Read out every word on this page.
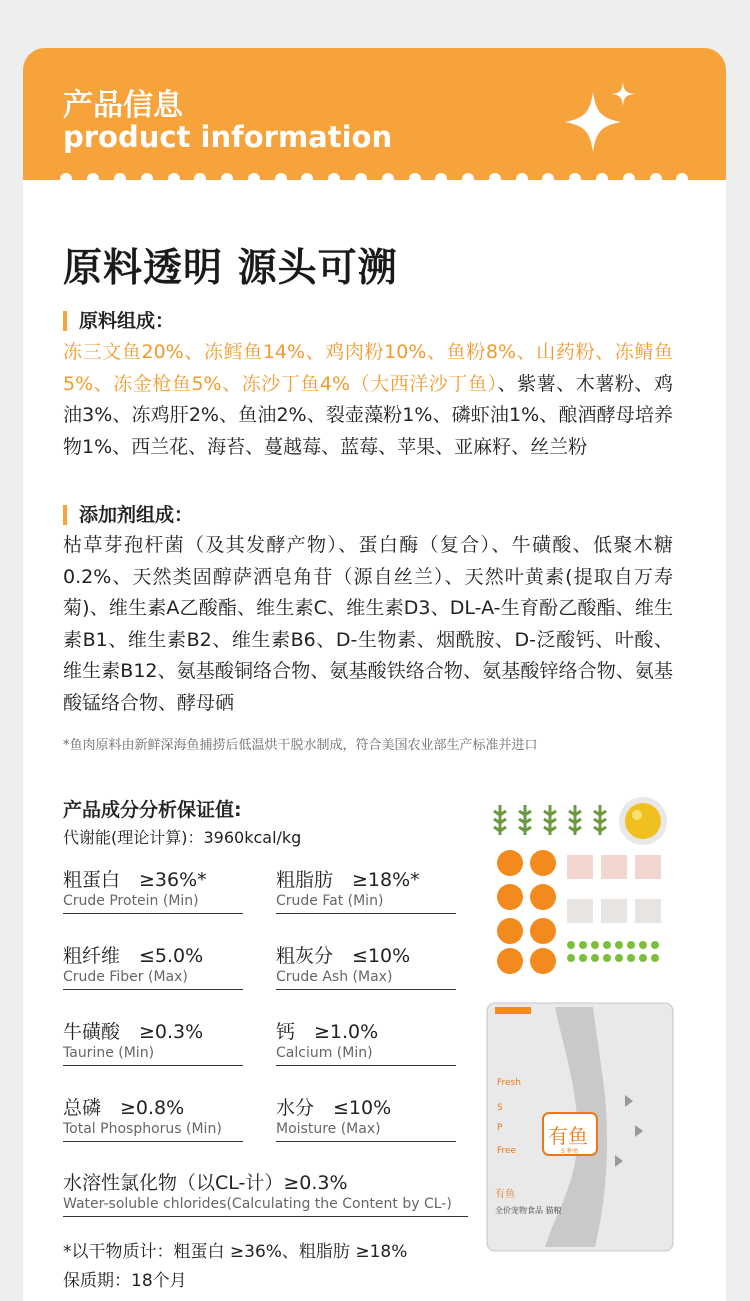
产品信息
product information
原料透明 源头可溯
原料组成：
冻三文鱼20%、冻鳕鱼14%、鸡肉粉10%、鱼粉8%、山药粉、冻鲭鱼5%、冻金枪鱼5%、冻沙丁鱼4%（大西洋沙丁鱼）、紫薯、木薯粉、鸡油3%、冻鸡肝2%、鱼油2%、裂壶藻粉1%、磷虾油1%、酿酒酵母培养物1%、西兰花、海苔、蔓越莓、蓝莓、苹果、亚麻籽、丝兰粉
添加剂组成：
枯草芽孢杆菌（及其发酵产物）、蛋白酶（复合）、牛磺酸、低聚木糖0.2%、天然类固醇萨洒皂角苷（源自丝兰）、天然叶黄素(提取自万寿菊)、维生素A乙酸酯、维生素C、维生素D3、DL-A-生育酚乙酸酯、维生素B1、维生素B2、维生素B6、D-生物素、烟酰胺、D-泛酸钙、叶酸、维生素B12、氨基酸铜络合物、氨基酸铁络合物、氨基酸锌络合物、氨基酸锰络合物、酵母硒
*鱼肉原料由新鲜深海鱼捕捞后低温烘干脱水制成，符合美国农业部生产标准并进口
产品成分分析保证值:
代谢能(理论计算)：3960kcal/kg
粗蛋白　≥36%*
Crude Protein (Min)
粗脂肪　≥18%*
Crude Fat (Min)
粗纤维　≤5.0%
Crude Fiber (Max)
粗灰分　≤10%
Crude Ash (Max)
牛磺酸　≥0.3%
Taurine (Min)
钙　≥1.0%
Calcium (Min)
总磷　≥0.8%
Total Phosphorus (Min)
水分　≤10%
Moisture (Max)
水溶性氯化物（以CL-计）≥0.3%
Water-soluble chlorides(Calculating the Content by CL-)
*以干物质计：粗蛋白 ≥36%、粗脂肪 ≥18%
保质期：18个月
Fresh
S
P
Free
有鱼
5 种鱼
有鱼
全价宠物食品 猫粮
